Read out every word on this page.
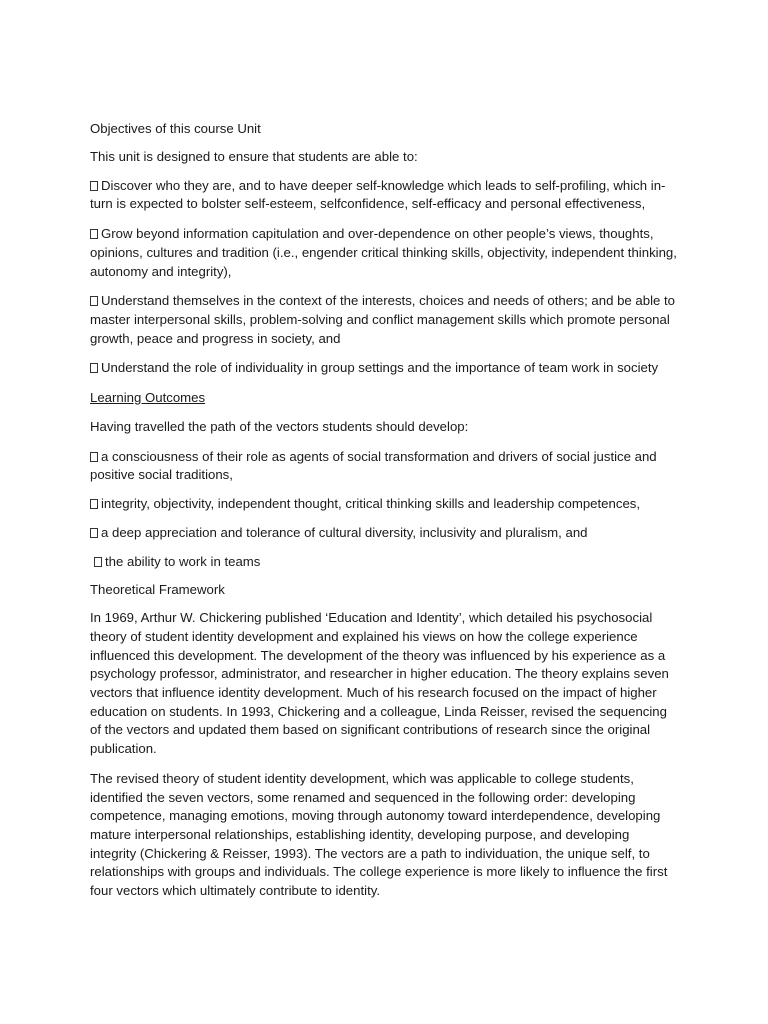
Objectives of this course Unit

This unit is designed to ensure that students are able to:

Discover who they are, and to have deeper self-knowledge which leads to self-profiling, which in-turn is expected to bolster self-esteem, selfconfidence, self-efficacy and personal effectiveness,

Grow beyond information capitulation and over-dependence on other people’s views, thoughts, opinions, cultures and tradition (i.e., engender critical thinking skills, objectivity, independent thinking, autonomy and integrity),

Understand themselves in the context of the interests, choices and needs of others; and be able to master interpersonal skills, problem-solving and conflict management skills which promote personal growth, peace and progress in society, and

Understand the role of individuality in group settings and the importance of team work in society

Learning Outcomes

Having travelled the path of the vectors students should develop:

a consciousness of their role as agents of social transformation and drivers of social justice and positive social traditions,

integrity, objectivity, independent thought, critical thinking skills and leadership competences,

a deep appreciation and tolerance of cultural diversity, inclusivity and pluralism, and

the ability to work in teams

Theoretical Framework

In 1969, Arthur W. Chickering published ‘Education and Identity’, which detailed his psychosocial theory of student identity development and explained his views on how the college experience influenced this development. The development of the theory was influenced by his experience as a psychology professor, administrator, and researcher in higher education. The theory explains seven vectors that influence identity development. Much of his research focused on the impact of higher education on students. In 1993, Chickering and a colleague, Linda Reisser, revised the sequencing of the vectors and updated them based on significant contributions of research since the original publication.

The revised theory of student identity development, which was applicable to college students, identified the seven vectors, some renamed and sequenced in the following order: developing competence, managing emotions, moving through autonomy toward interdependence, developing mature interpersonal relationships, establishing identity, developing purpose, and developing integrity (Chickering & Reisser, 1993). The vectors are a path to individuation, the unique self, to relationships with groups and individuals. The college experience is more likely to influence the first four vectors which ultimately contribute to identity.
